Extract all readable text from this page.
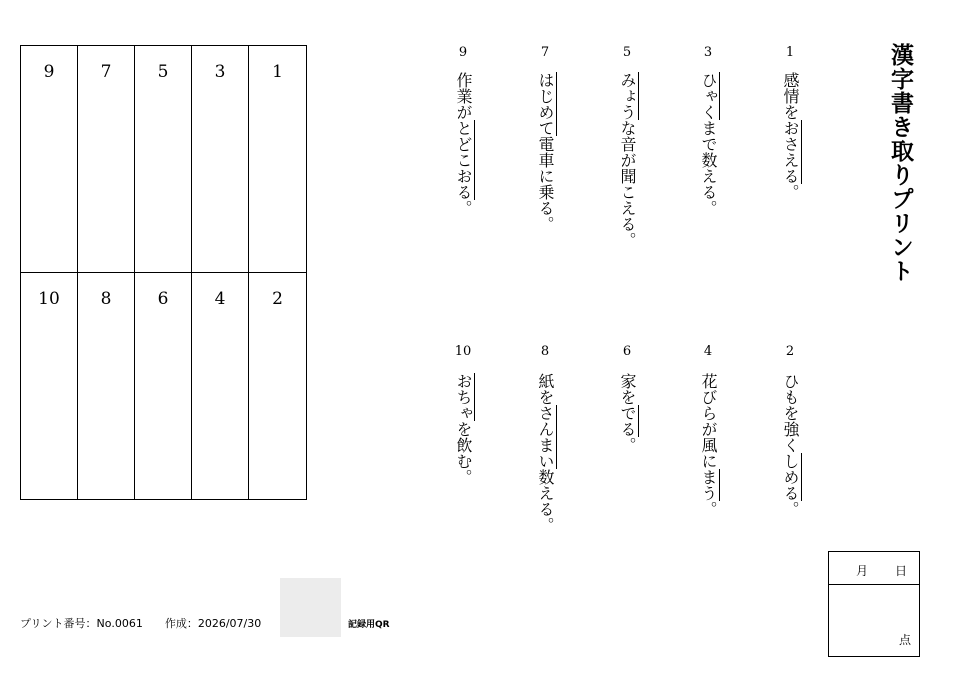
9	7	5	3	1
10	8	6	4	2
漢字書き取りプリント
1
感情をおさえる。
2
ひもを強くしめる。
3
ひゃくまで数える。
4
花びらが風にまう。
5
みょうな音が聞こえる。
6
家をでる。
7
はじめて電車に乗る。
8
紙をさんまい数える。
9
作業がとどこおる。
10
おちゃを飲む。
月 日
点
プリント番号：No.0061 作成：2026/07/30	記録用QR
